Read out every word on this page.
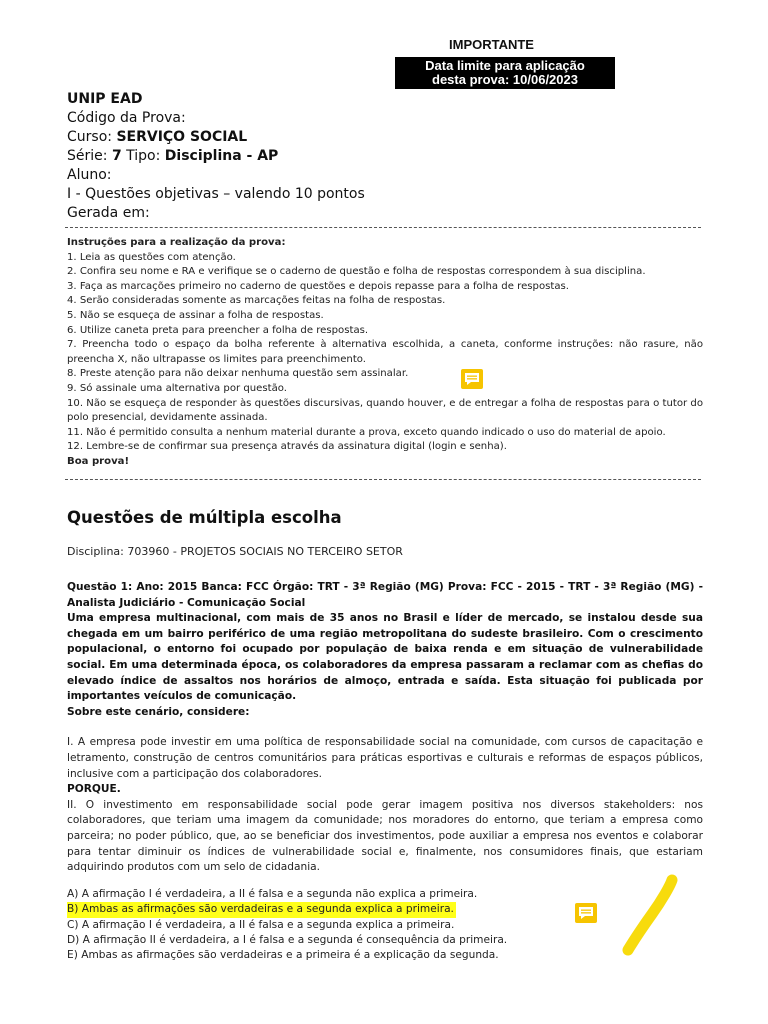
IMPORTANTE
Data limite para aplicação
desta prova: 10/06/2023
UNIP EAD
Código da Prova:
Curso: SERVIÇO SOCIAL
Série: 7 Tipo: Disciplina - AP
Aluno:
I - Questões objetivas – valendo 10 pontos
Gerada em:
Instruções para a realização da prova:
1. Leia as questões com atenção.
2. Confira seu nome e RA e verifique se o caderno de questão e folha de respostas correspondem à sua disciplina.
3. Faça as marcações primeiro no caderno de questões e depois repasse para a folha de respostas.
4. Serão consideradas somente as marcações feitas na folha de respostas.
5. Não se esqueça de assinar a folha de respostas.
6. Utilize caneta preta para preencher a folha de respostas.
7. Preencha todo o espaço da bolha referente à alternativa escolhida, a caneta, conforme instruções: não rasure, não preencha X, não ultrapasse os limites para preenchimento.
8. Preste atenção para não deixar nenhuma questão sem assinalar.
9. Só assinale uma alternativa por questão.
10. Não se esqueça de responder às questões discursivas, quando houver, e de entregar a folha de respostas para o tutor do polo presencial, devidamente assinada.
11. Não é permitido consulta a nenhum material durante a prova, exceto quando indicado o uso do material de apoio.
12. Lembre-se de confirmar sua presença através da assinatura digital (login e senha).
Boa prova!
Questões de múltipla escolha
Disciplina: 703960 - PROJETOS SOCIAIS NO TERCEIRO SETOR
Questão 1: Ano: 2015 Banca: FCC Órgão: TRT - 3ª Região (MG) Prova: FCC - 2015 - TRT - 3ª Região (MG) - Analista Judiciário - Comunicação Social
Uma empresa multinacional, com mais de 35 anos no Brasil e líder de mercado, se instalou desde sua chegada em um bairro periférico de uma região metropolitana do sudeste brasileiro. Com o crescimento populacional, o entorno foi ocupado por população de baixa renda e em situação de vulnerabilidade social. Em uma determinada época, os colaboradores da empresa passaram a reclamar com as chefias do elevado índice de assaltos nos horários de almoço, entrada e saída. Esta situação foi publicada por importantes veículos de comunicação.
Sobre este cenário, considere:
I. A empresa pode investir em uma política de responsabilidade social na comunidade, com cursos de capacitação e letramento, construção de centros comunitários para práticas esportivas e culturais e reformas de espaços públicos, inclusive com a participação dos colaboradores.
PORQUE.
II. O investimento em responsabilidade social pode gerar imagem positiva nos diversos stakeholders: nos colaboradores, que teriam uma imagem da comunidade; nos moradores do entorno, que teriam a empresa como parceira; no poder público, que, ao se beneficiar dos investimentos, pode auxiliar a empresa nos eventos e colaborar para tentar diminuir os índices de vulnerabilidade social e, finalmente, nos consumidores finais, que estariam adquirindo produtos com um selo de cidadania.
A) A afirmação I é verdadeira, a II é falsa e a segunda não explica a primeira.
B) Ambas as afirmações são verdadeiras e a segunda explica a primeira.
C) A afirmação I é verdadeira, a II é falsa e a segunda explica a primeira.
D) A afirmação II é verdadeira, a I é falsa e a segunda é consequência da primeira.
E) Ambas as afirmações são verdadeiras e a primeira é a explicação da segunda.
